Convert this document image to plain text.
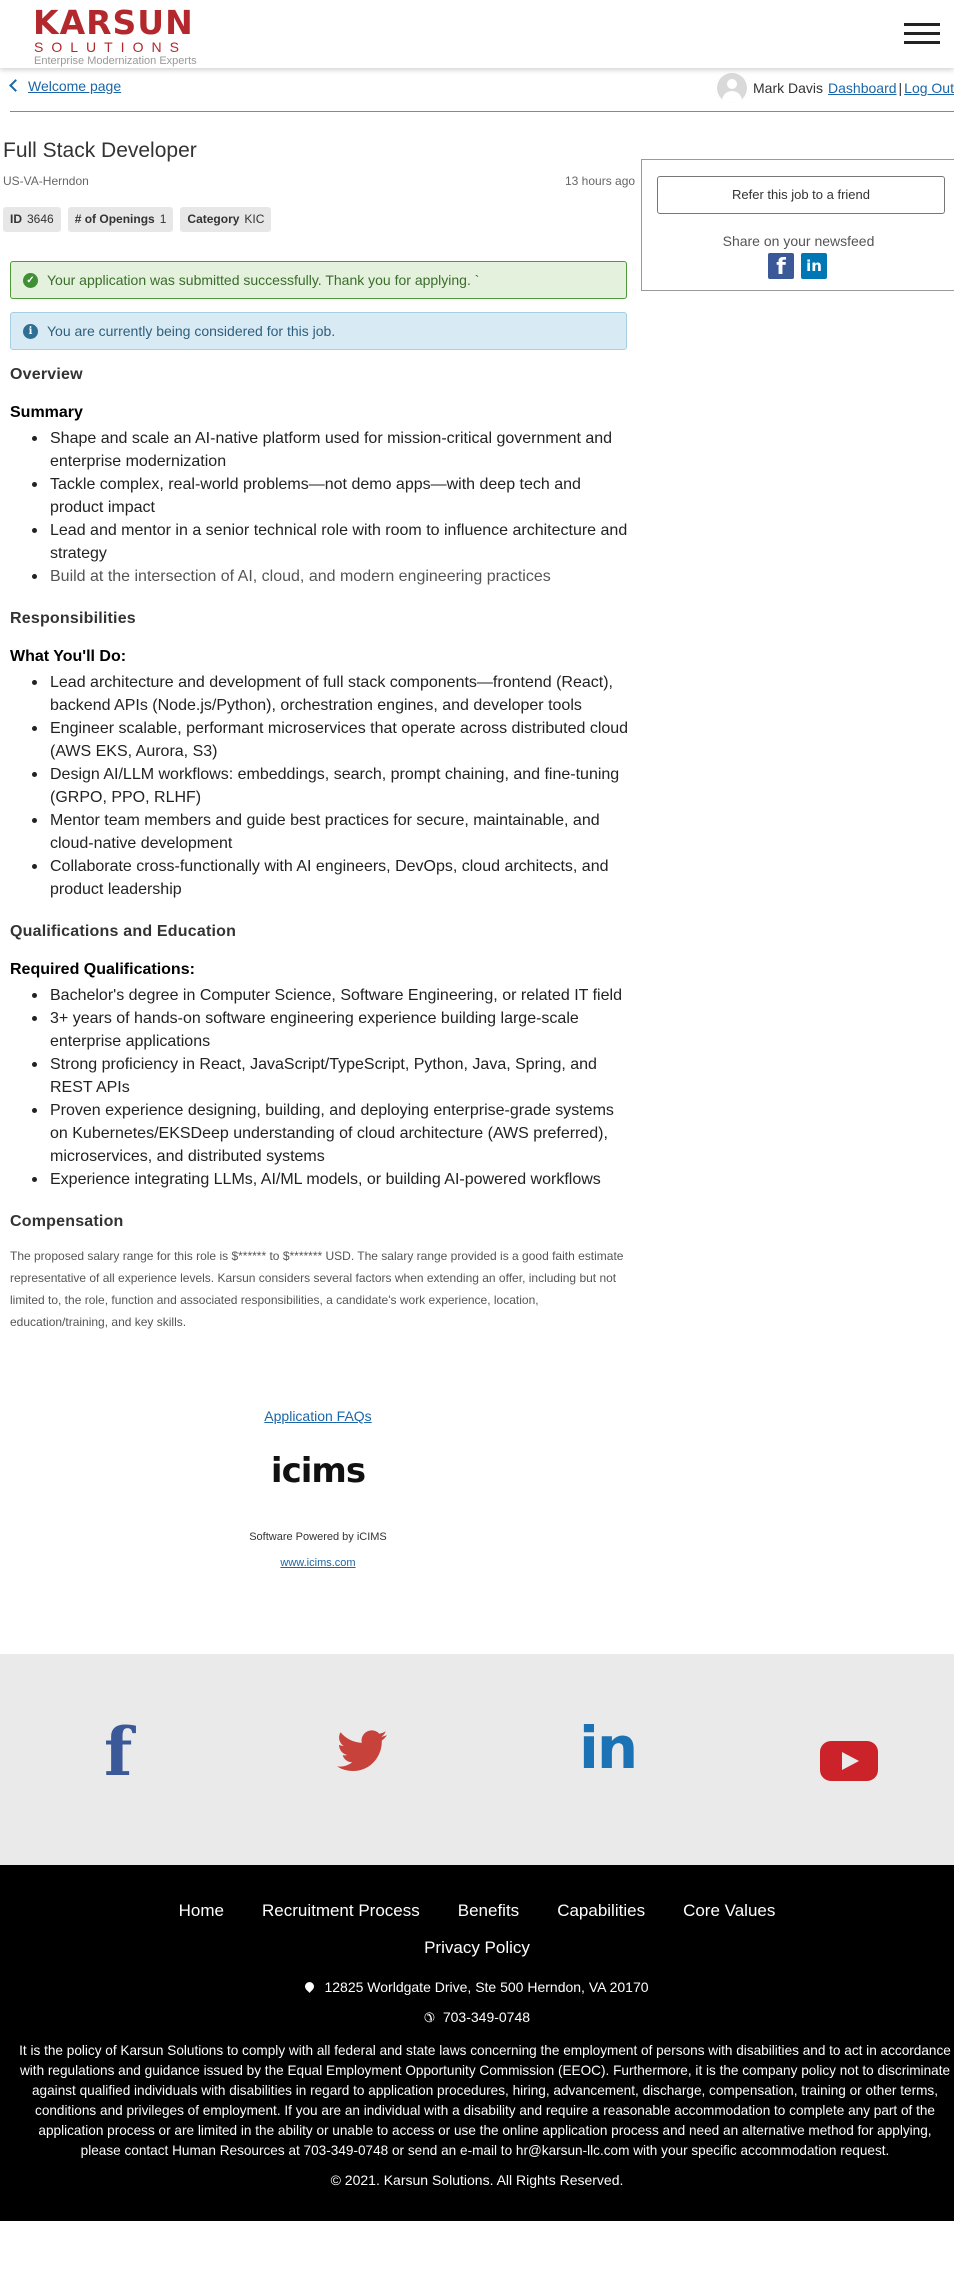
KARSUN
SOLUTIONS
Enterprise Modernization Experts
Welcome page	Mark Davis Dashboard | Log Out
Full Stack Developer
US-VA-Herndon	13 hours ago
ID 3646	# of Openings 1	Category KIC
✓ Your application was submitted successfully. Thank you for applying. `
i	You are currently being considered for this job.
Refer this job to a friend
Share on your newsfeed
f	in
Overview
Summary
Shape and scale an AI-native platform used for mission-critical government and enterprise modernization
Tackle complex, real-world problems—not demo apps—with deep tech and product impact
Lead and mentor in a senior technical role with room to influence architecture and strategy
Build at the intersection of AI, cloud, and modern engineering practices
Responsibilities
What You'll Do:
Lead architecture and development of full stack components—frontend (React), backend APIs (Node.js/Python), orchestration engines, and developer tools
Engineer scalable, performant microservices that operate across distributed cloud (AWS EKS, Aurora, S3)
Design AI/LLM workflows: embeddings, search, prompt chaining, and fine-tuning (GRPO, PPO, RLHF)
Mentor team members and guide best practices for secure, maintainable, and cloud-native development
Collaborate cross-functionally with AI engineers, DevOps, cloud architects, and product leadership
Qualifications and Education
Required Qualifications:
Bachelor's degree in Computer Science, Software Engineering, or related IT field
3+ years of hands-on software engineering experience building large-scale enterprise applications
Strong proficiency in React, JavaScript/TypeScript, Python, Java, Spring, and REST APIs
Proven experience designing, building, and deploying enterprise-grade systems on Kubernetes/EKSDeep understanding of cloud architecture (AWS preferred), microservices, and distributed systems
Experience integrating LLMs, AI/ML models, or building AI-powered workflows
Compensation

The proposed salary range for this role is $****** to $******* USD. The salary range provided is a good faith estimate representative of all experience levels. Karsun considers several factors when extending an offer, including but not limited to, the role, function and associated responsibilities, a candidate's work experience, location, education/training, and key skills.

Application FAQs
icims
Software Powered by iCIMS
www.icims.com
f	in
Home Recruitment Process Benefits Capabilities Core Values
Privacy Policy
12825 Worldgate Drive, Ste 500 Herndon, VA 20170
✆ 703-349-0748
It is the policy of Karsun Solutions to comply with all federal and state laws concerning the employment of persons with disabilities and to act in accordance with regulations and guidance issued by the Equal Employment Opportunity Commission (EEOC). Furthermore, it is the company policy not to discriminate against qualified individuals with disabilities in regard to application procedures, hiring, advancement, discharge, compensation, training or other terms, conditions and privileges of employment. If you are an individual with a disability and require a reasonable accommodation to complete any part of the application process or are limited in the ability or unable to access or use the online application process and need an alternative method for applying, please contact Human Resources at 703-349-0748 or send an e-mail to hr@karsun-llc.com with your specific accommodation request.
© 2021. Karsun Solutions. All Rights Reserved.
